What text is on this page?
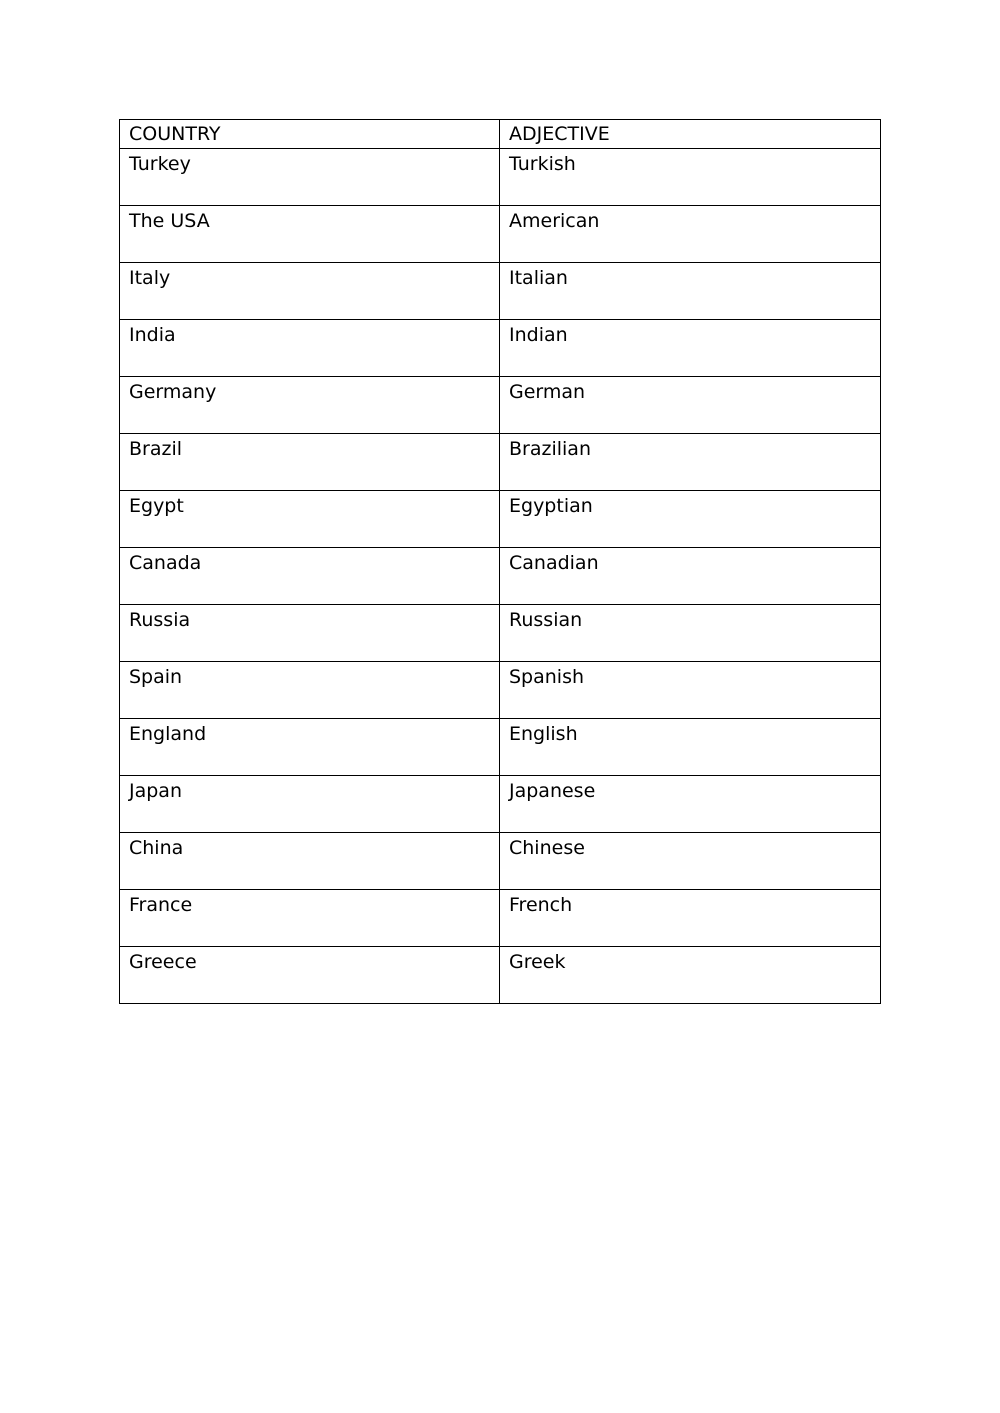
COUNTRY	ADJECTIVE
Turkey	Turkish
The USA	American
Italy	Italian
India	Indian
Germany	German
Brazil	Brazilian
Egypt	Egyptian
Canada	Canadian
Russia	Russian
Spain	Spanish
England	English
Japan	Japanese
China	Chinese
France	French
Greece	Greek
